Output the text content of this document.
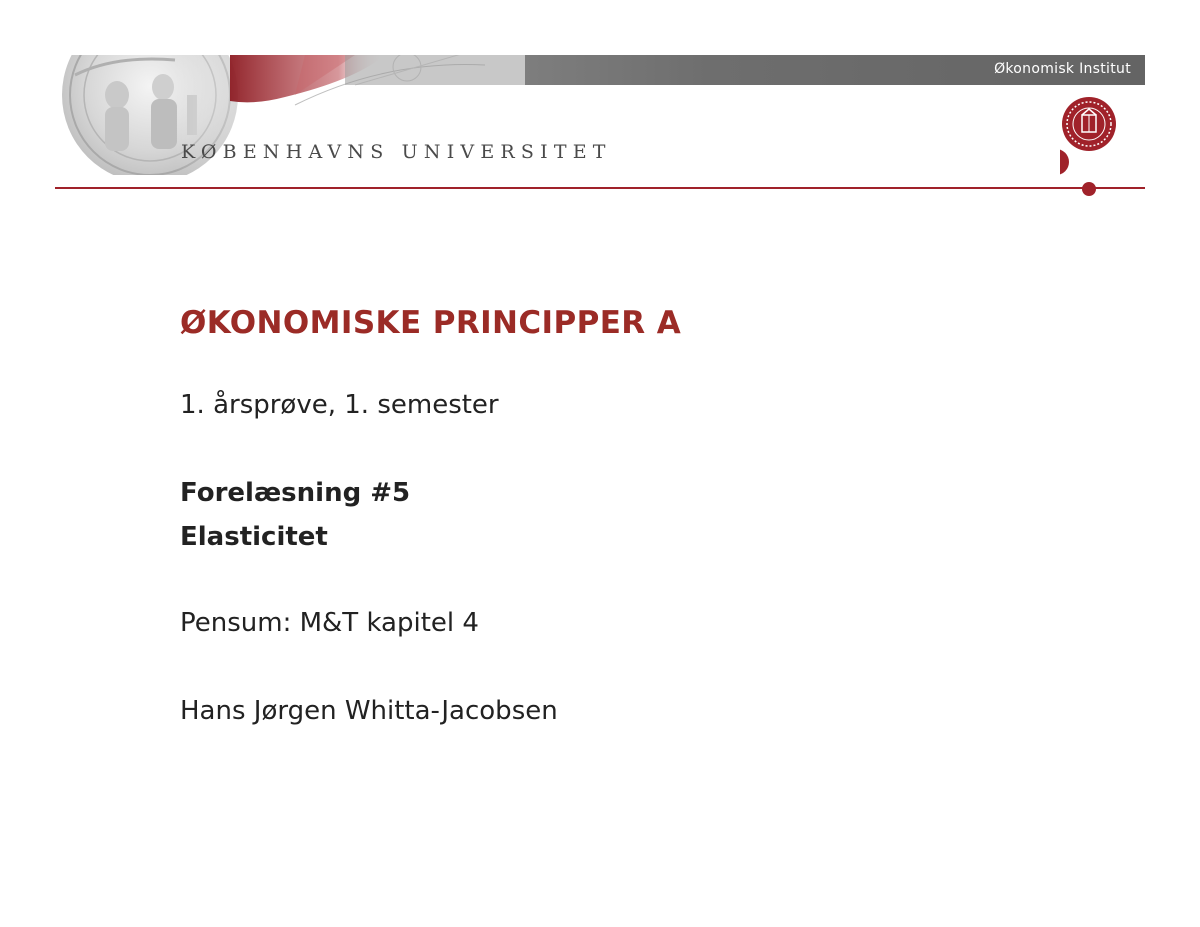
Økonomisk Institut
KØBENHAVNS UNIVERSITET
ØKONOMISKE PRINCIPPER A
1. årsprøve, 1. semester
Forelæsning #5
Elasticitet
Pensum: M&T kapitel 4
Hans Jørgen Whitta-Jacobsen
